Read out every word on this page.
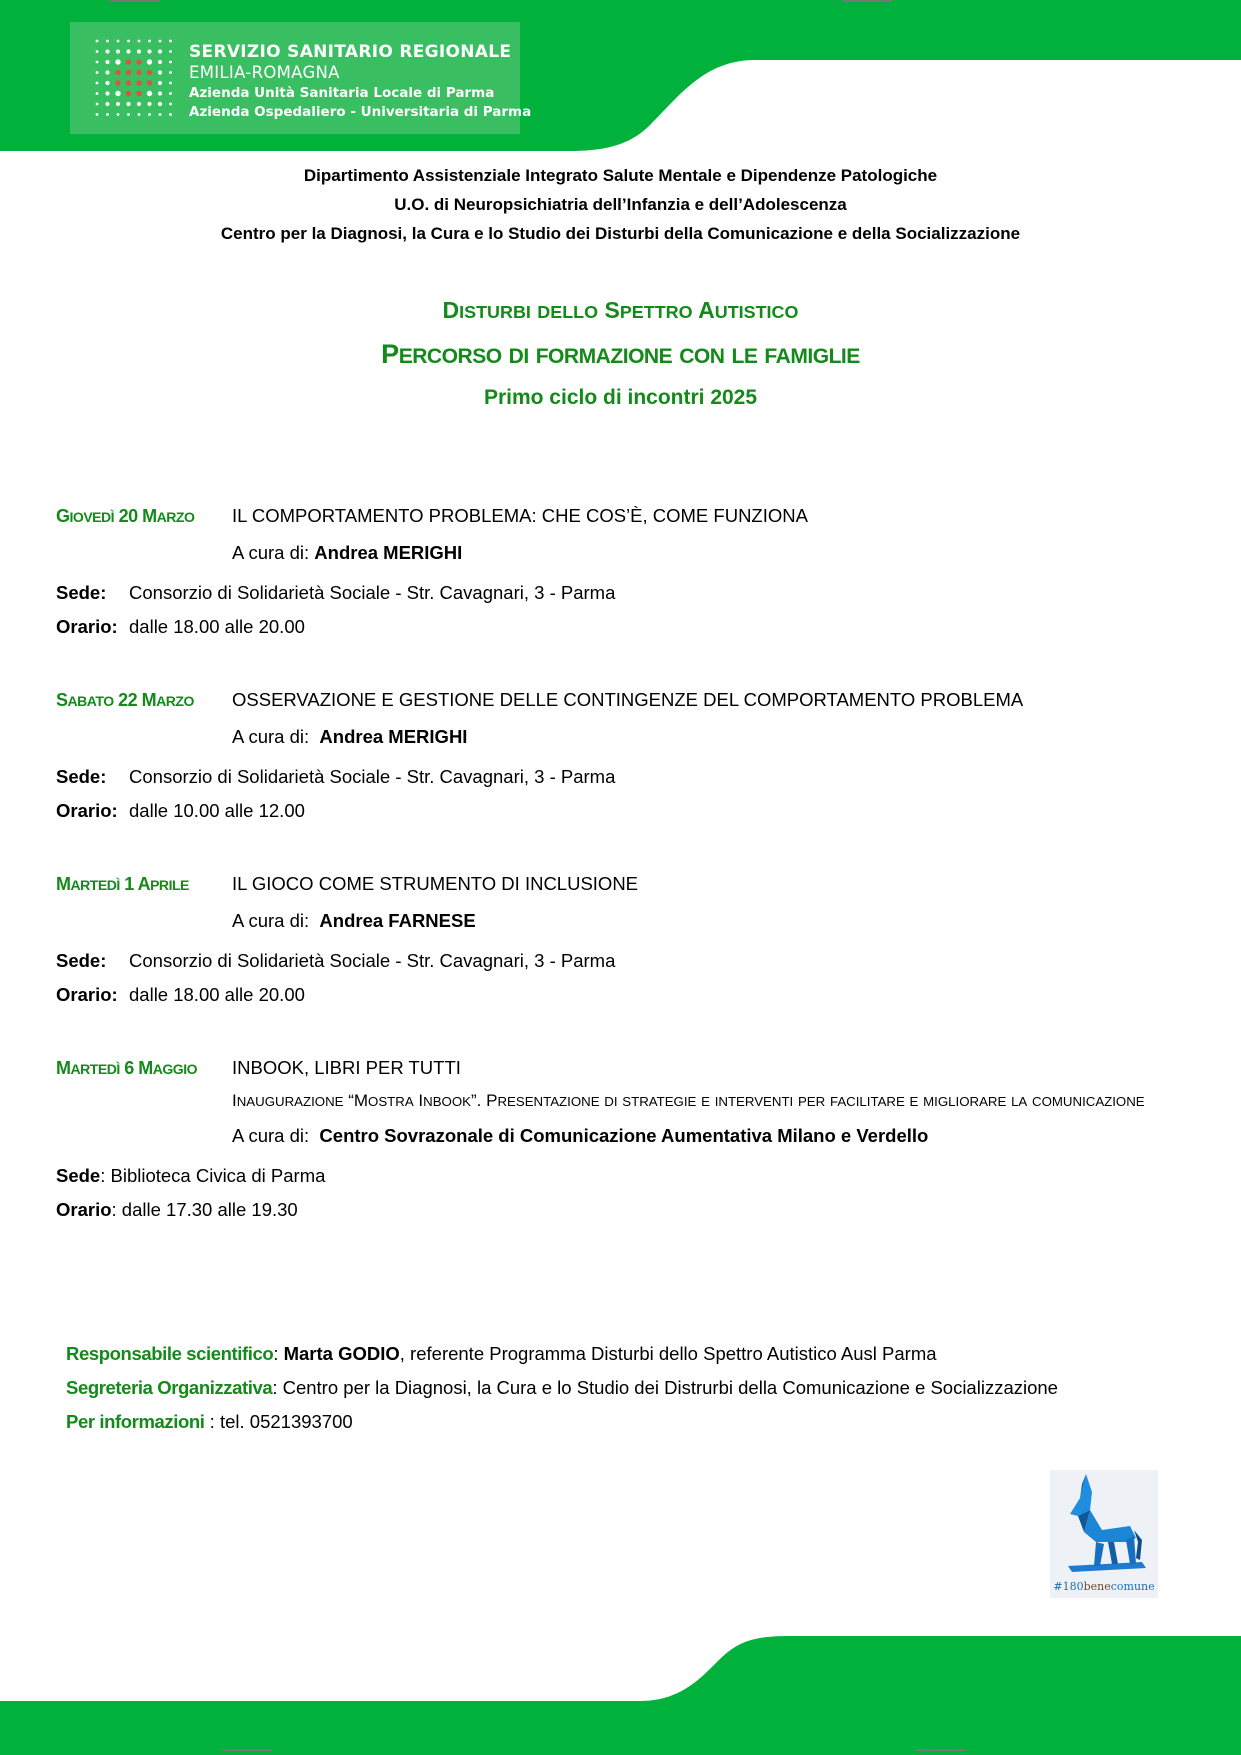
SERVIZIO SANITARIO REGIONALE
EMILIA-ROMAGNA
Azienda Unità Sanitaria Locale di Parma
Azienda Ospedaliero - Universitaria di Parma
Dipartimento Assistenziale Integrato Salute Mentale e Dipendenze Patologiche
U.O. di Neuropsichiatria dell’Infanzia e dell’Adolescenza
Centro per la Diagnosi, la Cura e lo Studio dei Disturbi della Comunicazione e della Socializzazione
DISTURBI DELLO SPETTRO AUTISTICO
PERCORSO DI FORMAZIONE CON LE FAMIGLIE
Primo ciclo di incontri 2025
GIOVEDÌ 20 MARZO IL COMPORTAMENTO PROBLEMA: CHE COS’È, COME FUNZIONA
A cura di: Andrea MERIGHI
Sede: Consorzio di Solidarietà Sociale - Str. Cavagnari, 3 - Parma
Orario: dalle 18.00 alle 20.00
SABATO 22 MARZO OSSERVAZIONE E GESTIONE DELLE CONTINGENZE DEL COMPORTAMENTO PROBLEMA
A cura di: Andrea MERIGHI
Sede: Consorzio di Solidarietà Sociale - Str. Cavagnari, 3 - Parma
Orario: dalle 10.00 alle 12.00
MARTEDÌ 1 APRILE IL GIOCO COME STRUMENTO DI INCLUSIONE
A cura di: Andrea FARNESE
Sede: Consorzio di Solidarietà Sociale - Str. Cavagnari, 3 - Parma
Orario: dalle 18.00 alle 20.00
MARTEDÌ 6 MAGGIO INBOOK, LIBRI PER TUTTI
INAUGURAZIONE “MOSTRA INBOOK”. PRESENTAZIONE DI STRATEGIE E INTERVENTI PER FACILITARE E MIGLIORARE LA COMUNICAZIONE
A cura di: Centro Sovrazonale di Comunicazione Aumentativa Milano e Verdello
Sede: Biblioteca Civica di Parma
Orario: dalle 17.30 alle 19.30
Responsabile scientifico: Marta GODIO, referente Programma Disturbi dello Spettro Autistico Ausl Parma
Segreteria Organizzativa: Centro per la Diagnosi, la Cura e lo Studio dei Distrurbi della Comunicazione e Socializzazione
Per informazioni : tel. 0521393700
#180benecomune
